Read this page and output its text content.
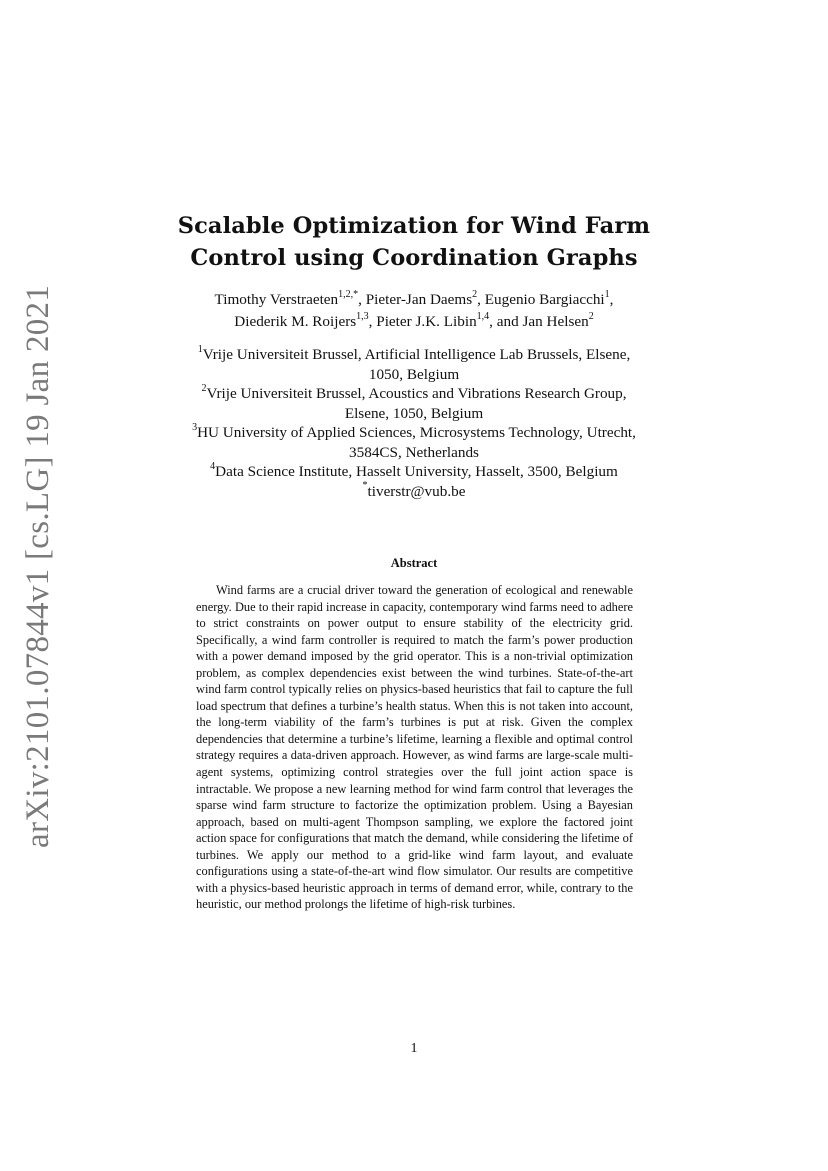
arXiv:2101.07844v1 [cs.LG] 19 Jan 2021
Scalable Optimization for Wind Farm
Control using Coordination Graphs
Timothy Verstraeten$^{1,2,*}$, Pieter-Jan Daems$^2$, Eugenio Bargiacchi$^1$,
Diederik M. Roijers$^{1,3}$, Pieter J.K. Libin$^{1,4}$, and Jan Helsen$^2$
$^1$Vrije Universiteit Brussel, Artificial Intelligence Lab Brussels, Elsene,
1050, Belgium
$^2$Vrije Universiteit Brussel, Acoustics and Vibrations Research Group,
Elsene, 1050, Belgium
$^3$HU University of Applied Sciences, Microsystems Technology, Utrecht,
3584CS, Netherlands
$^4$Data Science Institute, Hasselt University, Hasselt, 3500, Belgium
*tiverstr@vub.be
Abstract

Wind farms are a crucial driver toward the generation of ecological and renewable energy. Due to their rapid increase in capacity, contemporary wind farms need to adhere to strict constraints on power output to ensure stability of the electricity grid. Specifically, a wind farm controller is required to match the farm’s power production with a power demand imposed by the grid operator. This is a non-trivial optimization problem, as complex dependencies exist between the wind turbines. State-of-the-art wind farm control typically relies on physics-based heuristics that fail to capture the full load spectrum that defines a turbine’s health status. When this is not taken into account, the long-term viability of the farm’s turbines is put at risk. Given the complex dependencies that determine a turbine’s lifetime, learning a flexible and optimal control strategy requires a data-driven approach. However, as wind farms are large-scale multi-agent systems, optimizing control strategies over the full joint action space is intractable. We propose a new learning method for wind farm control that leverages the sparse wind farm structure to factorize the optimization problem. Using a Bayesian approach, based on multi-agent Thompson sampling, we explore the factored joint action space for configurations that match the demand, while considering the lifetime of turbines. We apply our method to a grid-like wind farm layout, and evaluate configurations using a state-of-the-art wind flow simulator. Our results are competitive with a physics-based heuristic approach in terms of demand error, while, contrary to the heuristic, our method prolongs the lifetime of high-risk turbines.

1
